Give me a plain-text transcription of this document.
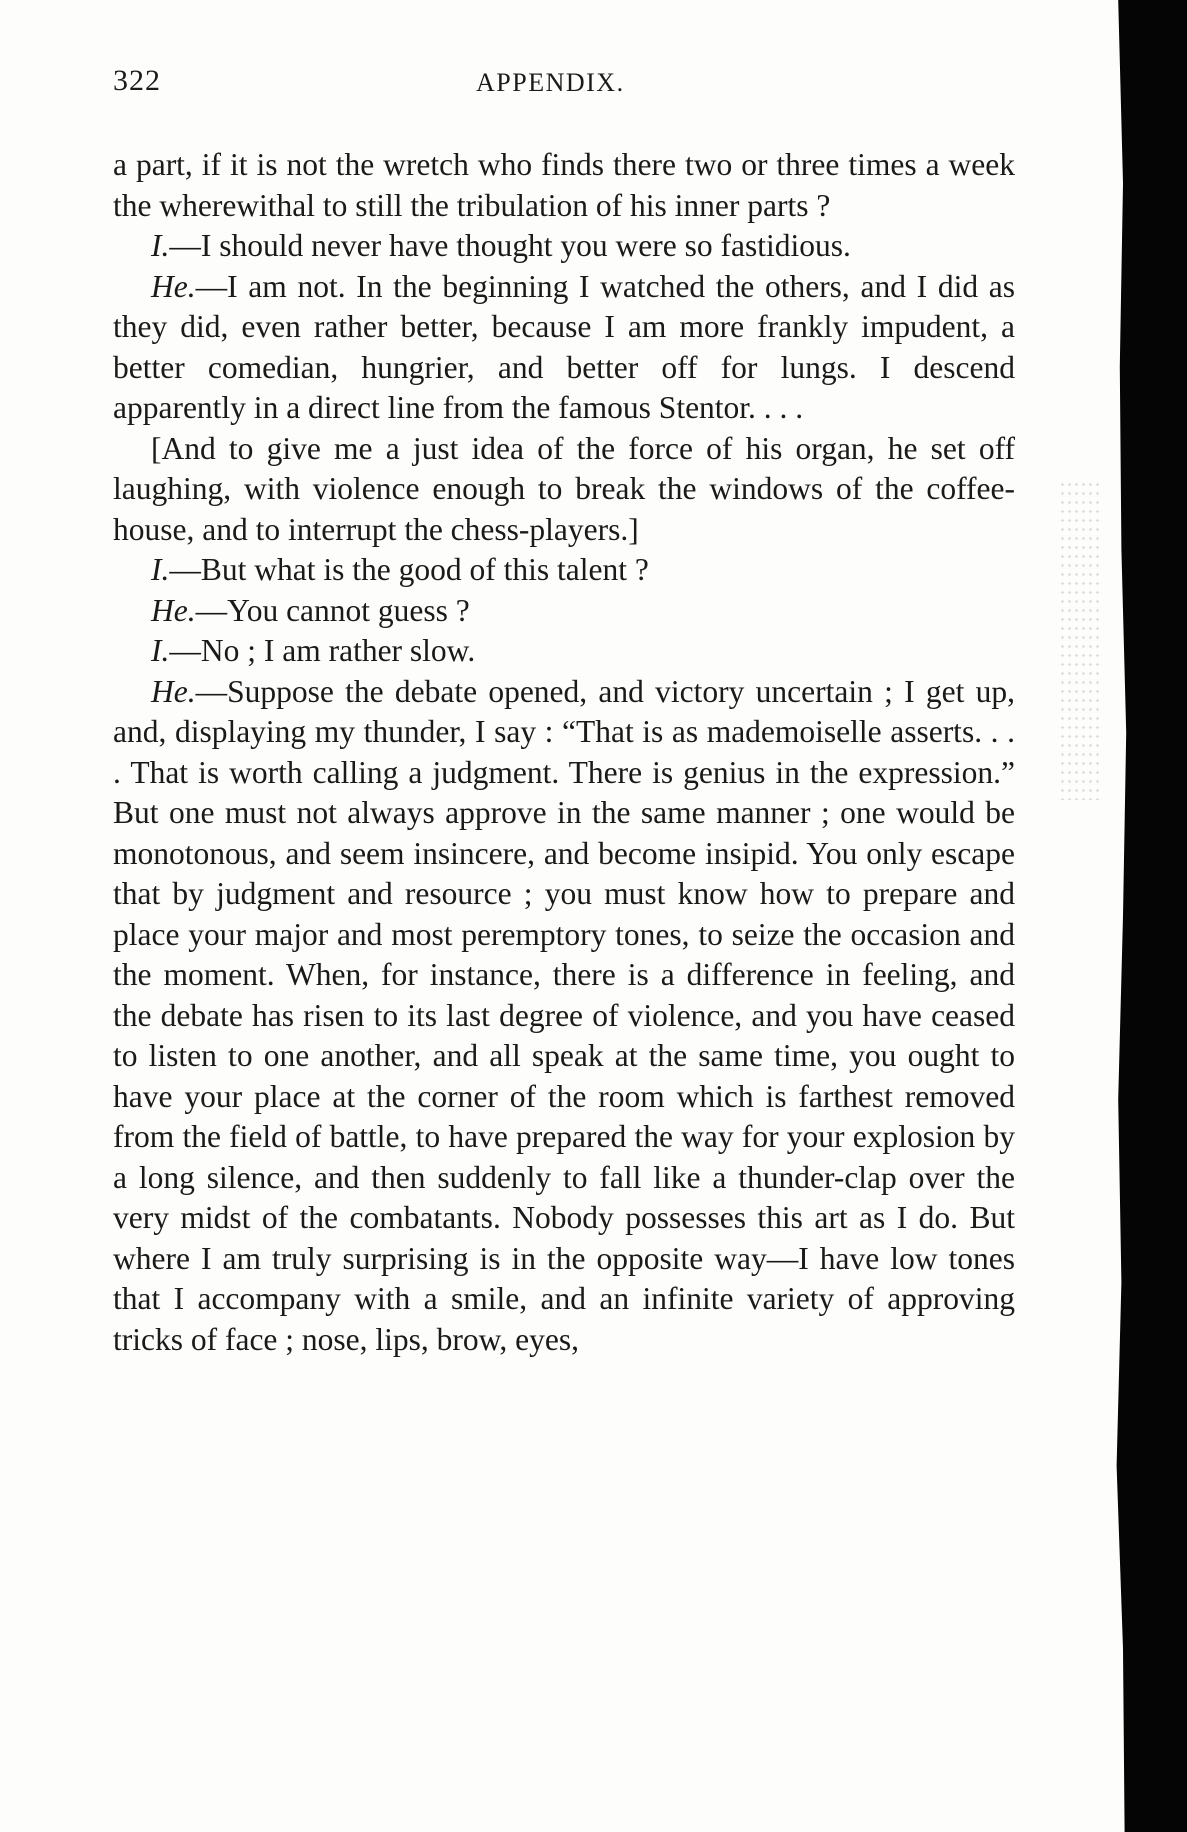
322	APPENDIX.

a part, if it is not the wretch who finds there two or three times a week the wherewithal to still the tribulation of his inner parts ?

I.—I should never have thought you were so fastidious.

He.—I am not. In the beginning I watched the others, and I did as they did, even rather better, because I am more frankly impudent, a better comedian, hungrier, and better off for lungs. I descend apparently in a direct line from the famous Stentor. . . .

[And to give me a just idea of the force of his organ, he set off laughing, with violence enough to break the windows of the coffee-house, and to interrupt the chess-players.]

I.—But what is the good of this talent ?

He.—You cannot guess ?

I.—No ; I am rather slow.

He.—Suppose the debate opened, and victory uncertain ; I get up, and, displaying my thunder, I say : “That is as mademoiselle asserts. . . . That is worth calling a judgment. There is genius in the expression.” But one must not always approve in the same manner ; one would be monotonous, and seem insincere, and become insipid. You only escape that by judgment and resource ; you must know how to prepare and place your major and most peremptory tones, to seize the occasion and the moment. When, for instance, there is a difference in feeling, and the debate has risen to its last degree of violence, and you have ceased to listen to one another, and all speak at the same time, you ought to have your place at the corner of the room which is farthest removed from the field of battle, to have prepared the way for your explosion by a long silence, and then suddenly to fall like a thunder-clap over the very midst of the combatants. Nobody possesses this art as I do. But where I am truly surprising is in the opposite way—I have low tones that I accompany with a smile, and an infinite variety of approving tricks of face ; nose, lips, brow, eyes,
